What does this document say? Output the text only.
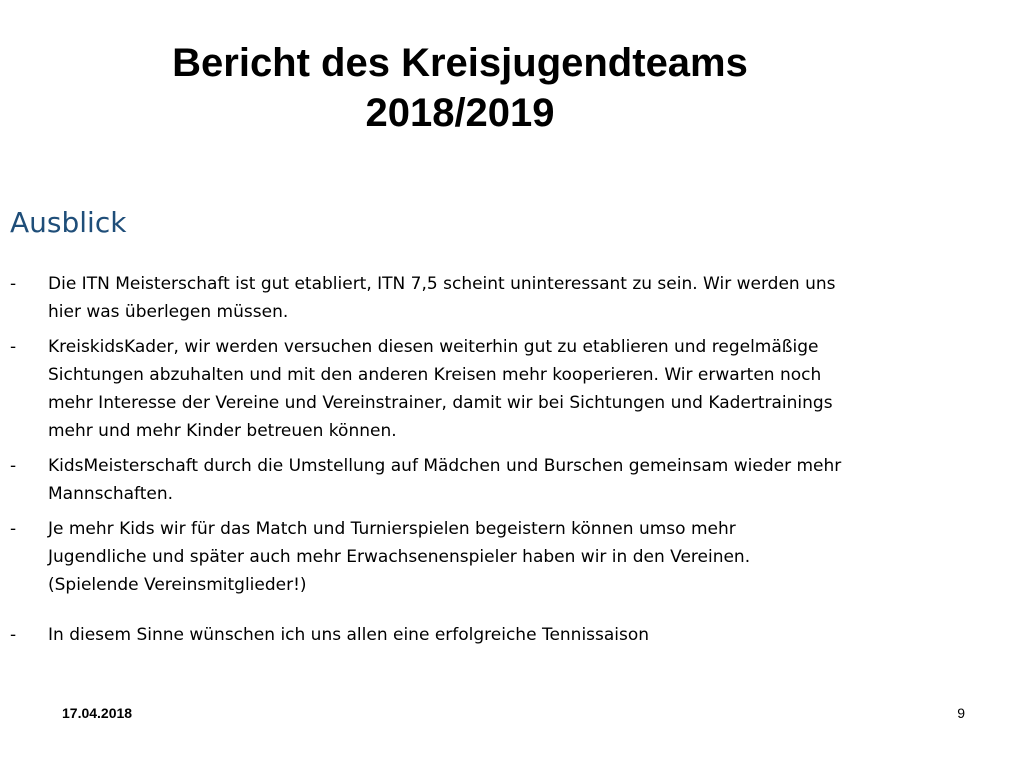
Bericht des Kreisjugendteams
2018/2019
Ausblick
-	Die ITN Meisterschaft ist gut etabliert, ITN 7,5 scheint uninteressant zu sein. Wir werden uns
hier was überlegen müssen.
-	KreiskidsKader, wir werden versuchen diesen weiterhin gut zu etablieren und regelmäßige
Sichtungen abzuhalten und mit den anderen Kreisen mehr kooperieren. Wir erwarten noch
mehr Interesse der Vereine und Vereinstrainer, damit wir bei Sichtungen und Kadertrainings
mehr und mehr Kinder betreuen können.
-	KidsMeisterschaft durch die Umstellung auf Mädchen und Burschen gemeinsam wieder mehr
Mannschaften.
-	Je mehr Kids wir für das Match und Turnierspielen begeistern können umso mehr
Jugendliche und später auch mehr Erwachsenenspieler haben wir in den Vereinen.
(Spielende Vereinsmitglieder!)
-	In diesem Sinne wünschen ich uns allen eine erfolgreiche Tennissaison
17.04.2018	9
